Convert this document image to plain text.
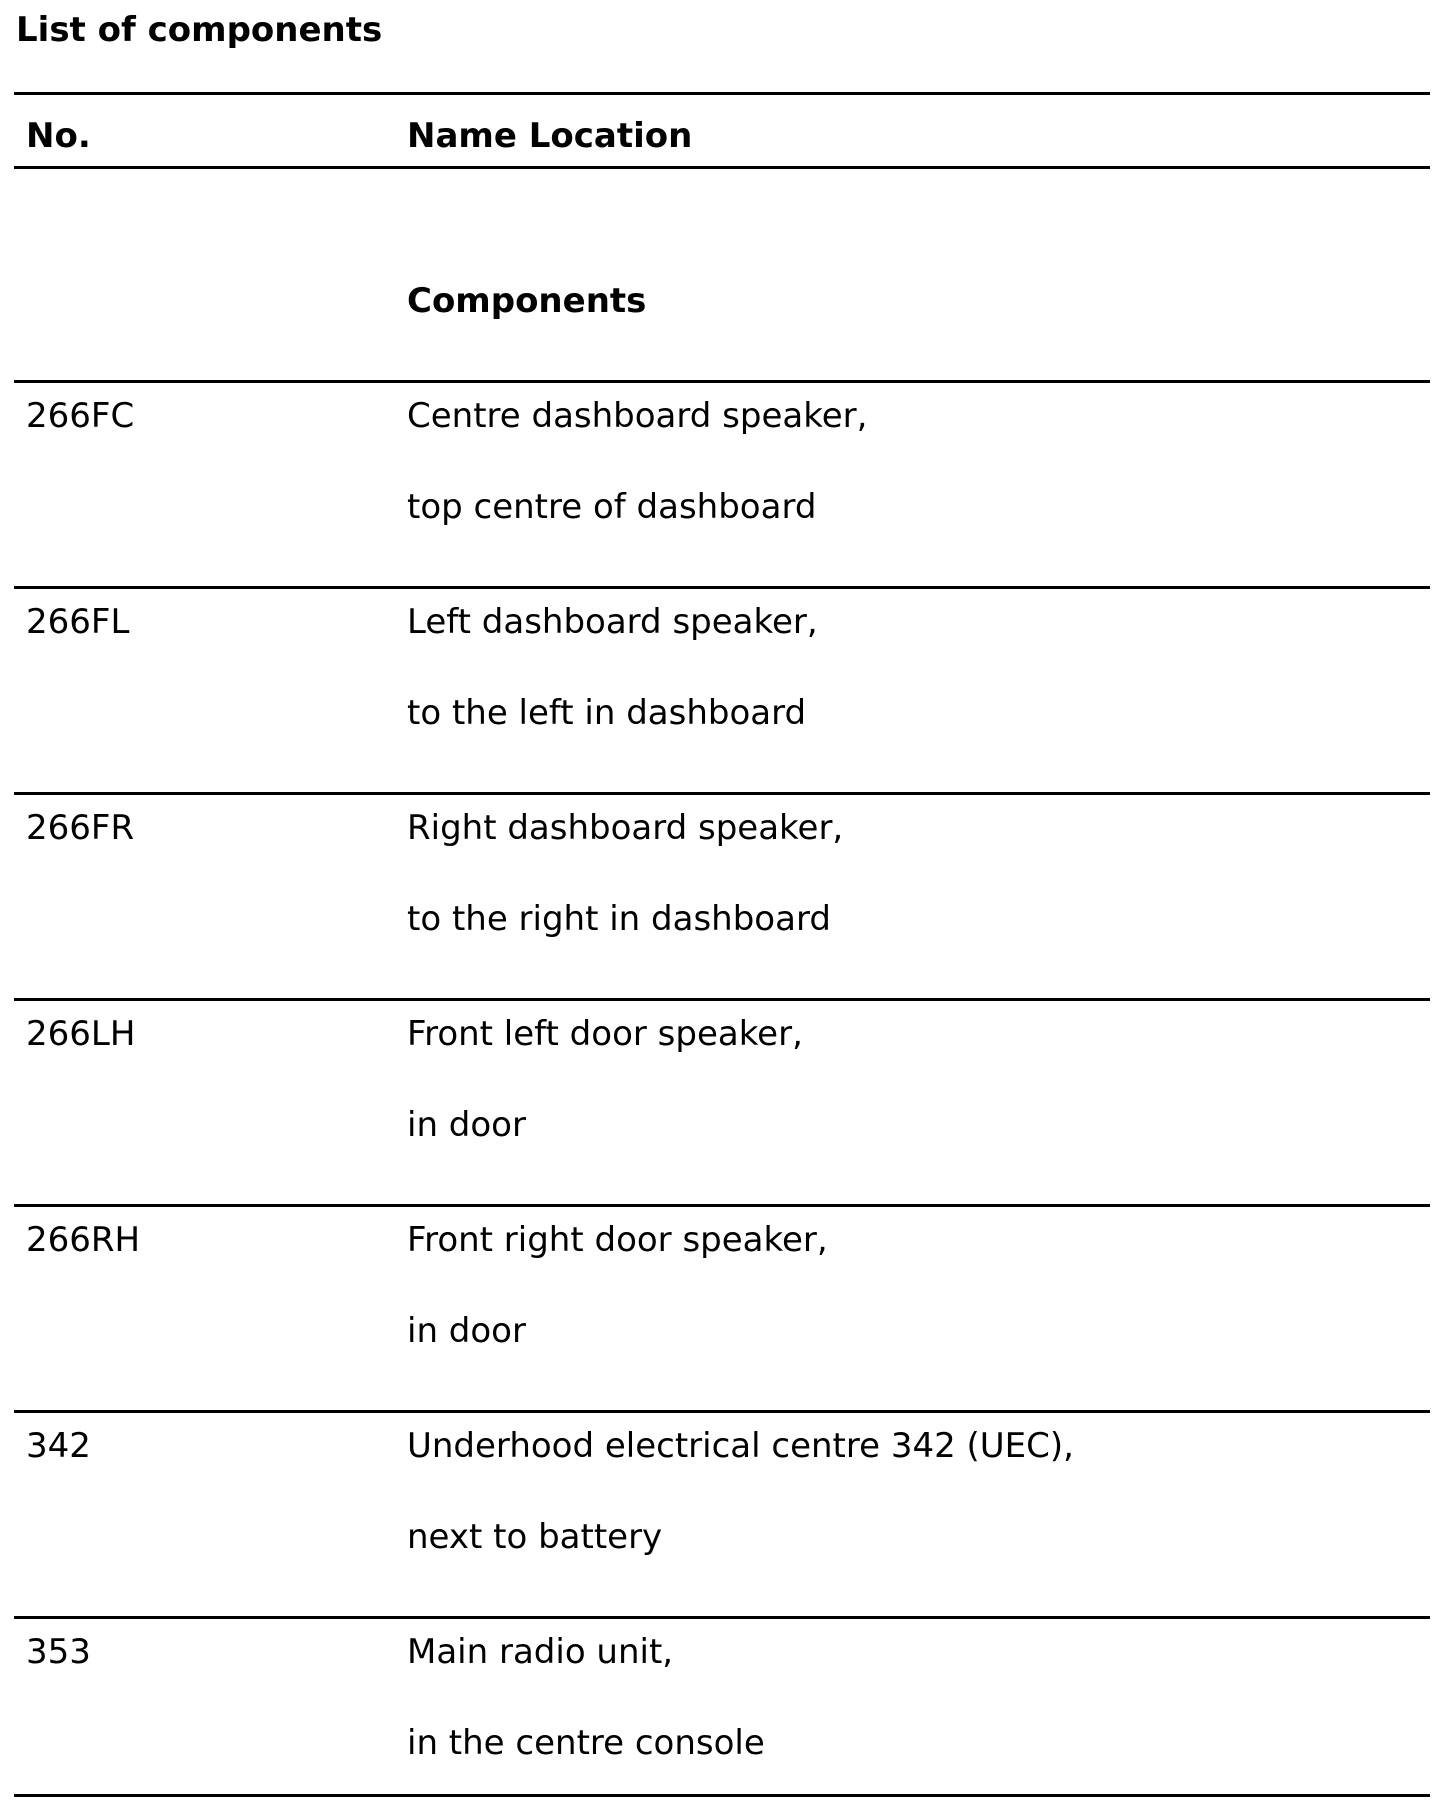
List of components
No.	Name Location
Components
266FC	Centre dashboard speaker,
top centre of dashboard
266FL	Left dashboard speaker,
to the left in dashboard
266FR	Right dashboard speaker,
to the right in dashboard
266LH	Front left door speaker,
in door
266RH	Front right door speaker,
in door
342	Underhood electrical centre 342 (UEC),
next to battery
353	Main radio unit,
in the centre console
